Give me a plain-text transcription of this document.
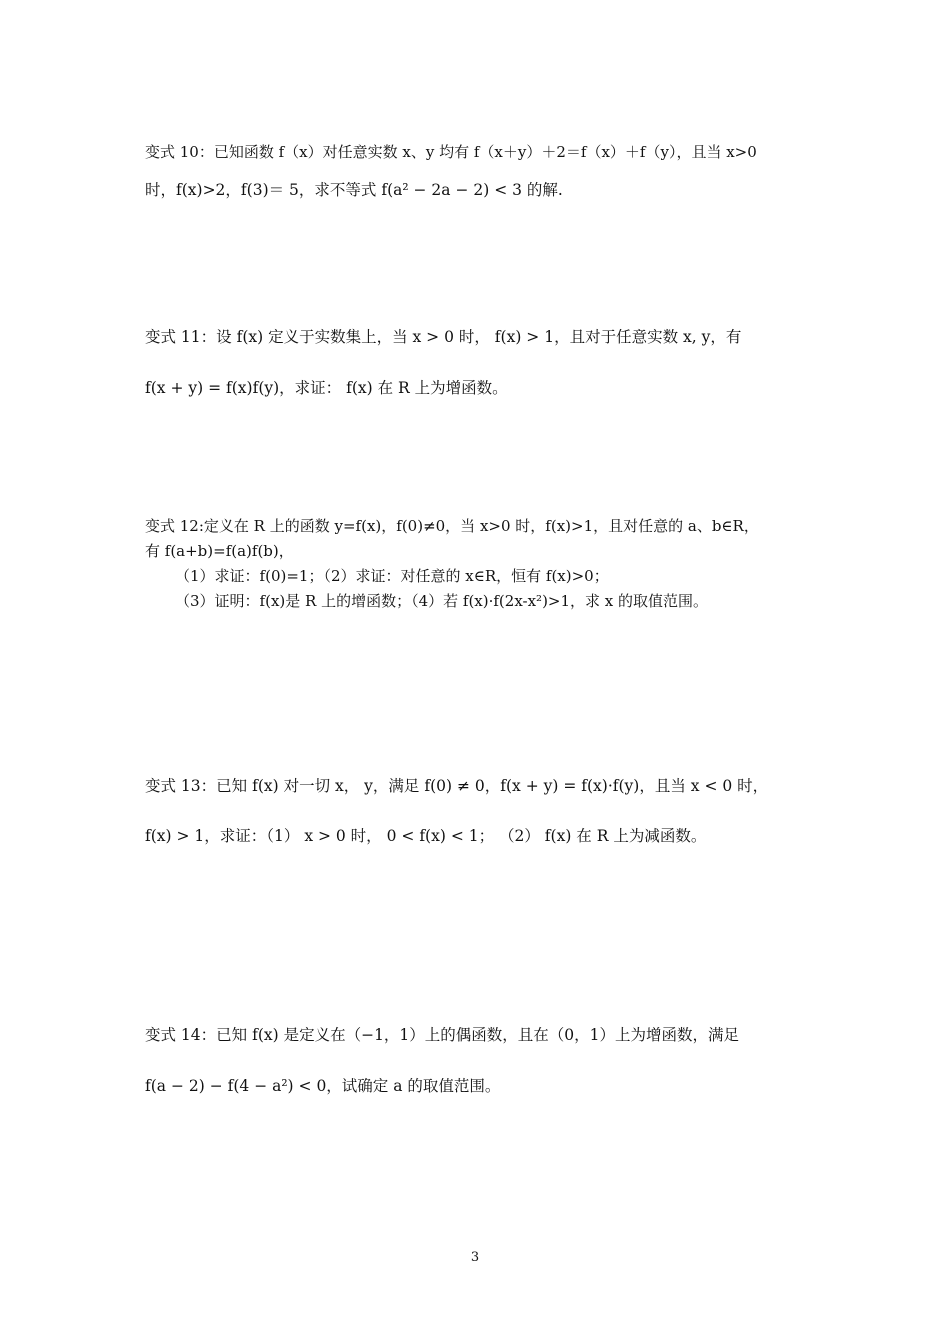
变式 10：已知函数 f（x）对任意实数 x、y 均有 f（x＋y）＋2＝f（x）＋f（y），且当 x>0
时，f(x)>2，f(3)＝ 5，求不等式 f(a² − 2a − 2) < 3 的解.
变式 11：设 f(x) 定义于实数集上，当 x > 0 时， f(x) > 1，且对于任意实数 x, y，有
f(x + y) = f(x)f(y)，求证： f(x) 在 R 上为增函数。
变式 12:定义在 R 上的函数 y=f(x)，f(0)≠0，当 x>0 时，f(x)>1，且对任意的 a、b∈R，
有 f(a+b)=f(a)f(b)，
（1）求证：f(0)=1；（2）求证：对任意的 x∈R，恒有 f(x)>0；
（3）证明：f(x)是 R 上的增函数；（4）若 f(x)·f(2x-x²)>1，求 x 的取值范围。
变式 13：已知 f(x) 对一切 x， y，满足 f(0) ≠ 0，f(x + y) = f(x)·f(y)，且当 x < 0 时，
f(x) > 1，求证：（1） x > 0 时， 0 < f(x) < 1； （2） f(x) 在 R 上为减函数。
变式 14：已知 f(x) 是定义在（−1，1）上的偶函数，且在（0，1）上为增函数，满足
f(a − 2) − f(4 − a²) < 0，试确定 a 的取值范围。
3
